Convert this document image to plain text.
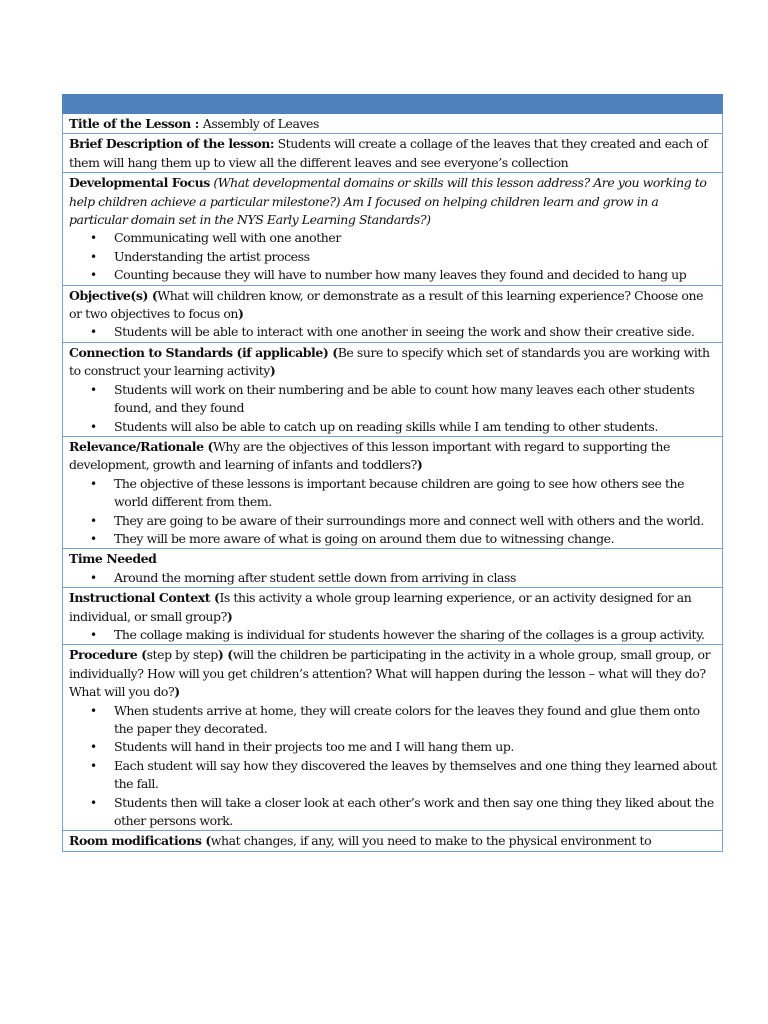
Title of the Lesson : Assembly of Leaves
Brief Description of the lesson: Students will create a collage of the leaves that they created and each of them will hang them up to view all the different leaves and see everyone’s collection

Developmental Focus (What developmental domains or skills will this lesson address? Are you working to help children achieve a particular milestone?) Am I focused on helping children learn and grow in a particular domain set in the NYS Early Learning Standards?)
• Communicating well with one another
• Understanding the artist process
• Counting because they will have to number how many leaves they found and decided to hang up

Objective(s) (What will children know, or demonstrate as a result of this learning experience? Choose one or two objectives to focus on)
• Students will be able to interact with one another in seeing the work and show their creative side.

Connection to Standards (if applicable) (Be sure to specify which set of standards you are working with to construct your learning activity)
• Students will work on their numbering and be able to count how many leaves each other students found, and they found
• Students will also be able to catch up on reading skills while I am tending to other students.

Relevance/Rationale (Why are the objectives of this lesson important with regard to supporting the development, growth and learning of infants and toddlers?)
• The objective of these lessons is important because children are going to see how others see the world different from them.
• They are going to be aware of their surroundings more and connect well with others and the world.
• They will be more aware of what is going on around them due to witnessing change.

Time Needed
• Around the morning after student settle down from arriving in class

Instructional Context (Is this activity a whole group learning experience, or an activity designed for an individual, or small group?)
• The collage making is individual for students however the sharing of the collages is a group activity.

Procedure (step by step) (will the children be participating in the activity in a whole group, small group, or individually? How will you get children’s attention? What will happen during the lesson – what will they do? What will you do?)
• When students arrive at home, they will create colors for the leaves they found and glue them onto the paper they decorated.
• Students will hand in their projects too me and I will hang them up.
• Each student will say how they discovered the leaves by themselves and one thing they learned about the fall.
• Students then will take a closer look at each other’s work and then say one thing they liked about the other persons work.

Room modifications (what changes, if any, will you need to make to the physical environment to
